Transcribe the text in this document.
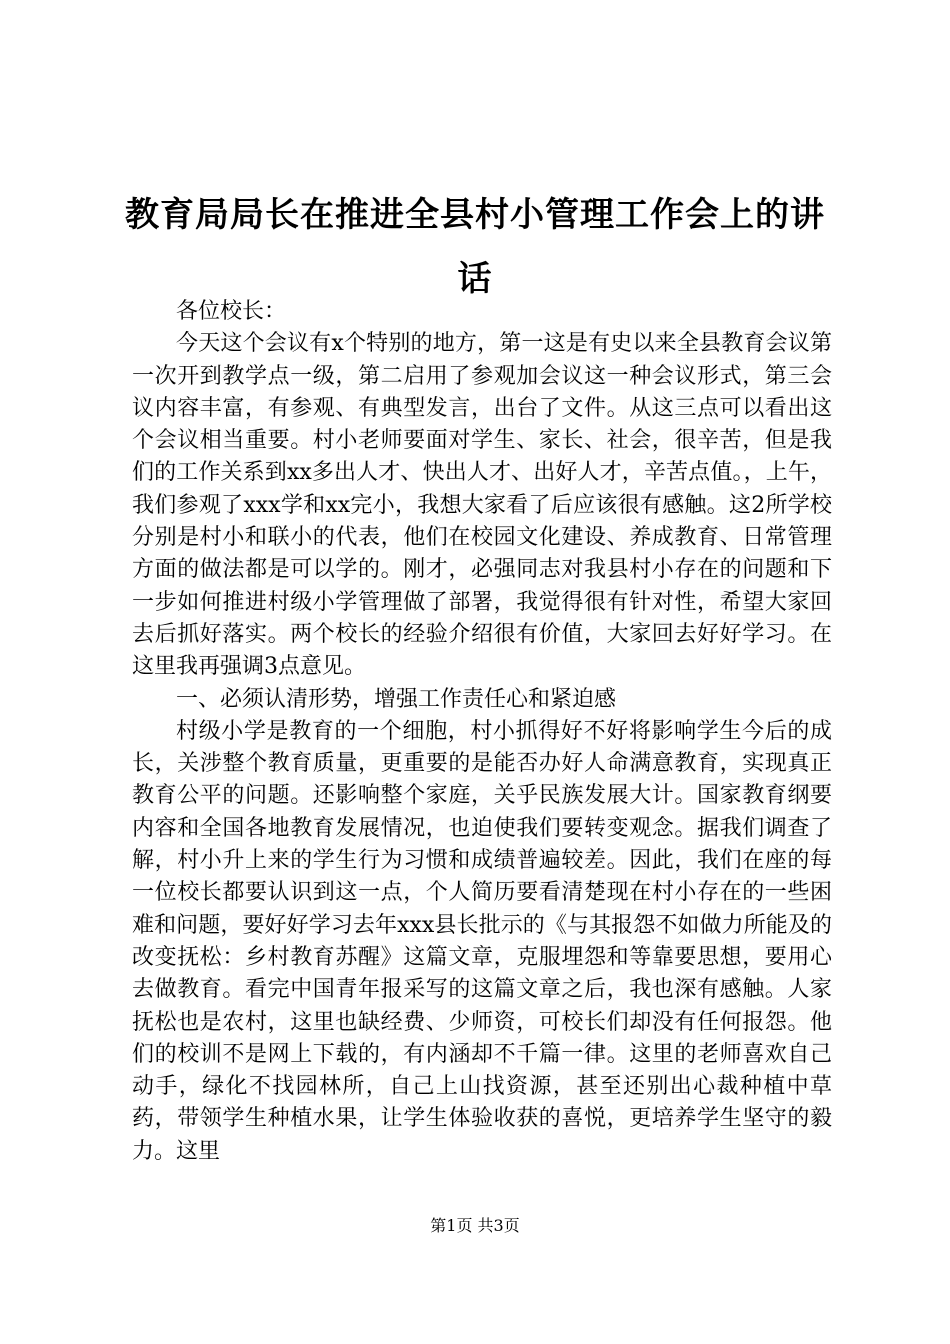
教育局局长在推进全县村小管理工作会上的讲
话

各位校长：

今天这个会议有x个特别的地方，第一这是有史以来全县教育会议第一次开到教学点一级，第二启用了参观加会议这一种会议形式，第三会议内容丰富，有参观、有典型发言，出台了文件。从这三点可以看出这个会议相当重要。村小老师要面对学生、家长、社会，很辛苦，但是我们的工作关系到xx多出人才、快出人才、出好人才，辛苦点值。，上午，我们参观了xxx学和xx完小，我想大家看了后应该很有感触。这2所学校分别是村小和联小的代表，他们在校园文化建设、养成教育、日常管理方面的做法都是可以学的。刚才，必强同志对我县村小存在的问题和下一步如何推进村级小学管理做了部署，我觉得很有针对性，希望大家回去后抓好落实。两个校长的经验介绍很有价值，大家回去好好学习。在这里我再强调3点意见。

一、必须认清形势，增强工作责任心和紧迫感

村级小学是教育的一个细胞，村小抓得好不好将影响学生今后的成长，关涉整个教育质量，更重要的是能否办好人命满意教育，实现真正教育公平的问题。还影响整个家庭，关乎民族发展大计。国家教育纲要内容和全国各地教育发展情况，也迫使我们要转变观念。据我们调查了解，村小升上来的学生行为习惯和成绩普遍较差。因此，我们在座的每一位校长都要认识到这一点，个人简历要看清楚现在村小存在的一些困难和问题，要好好学习去年xxx县长批示的《与其报怨不如做力所能及的改变抚松：乡村教育苏醒》这篇文章，克服埋怨和等靠要思想，要用心去做教育。看完中国青年报采写的这篇文章之后，我也深有感触。人家抚松也是农村，这里也缺经费、少师资，可校长们却没有任何报怨。他们的校训不是网上下载的，有内涵却不千篇一律。这里的老师喜欢自己动手，绿化不找园林所，自己上山找资源，甚至还别出心裁种植中草药，带领学生种植水果，让学生体验收获的喜悦，更培养学生坚守的毅力。这里

第1页 共3页
